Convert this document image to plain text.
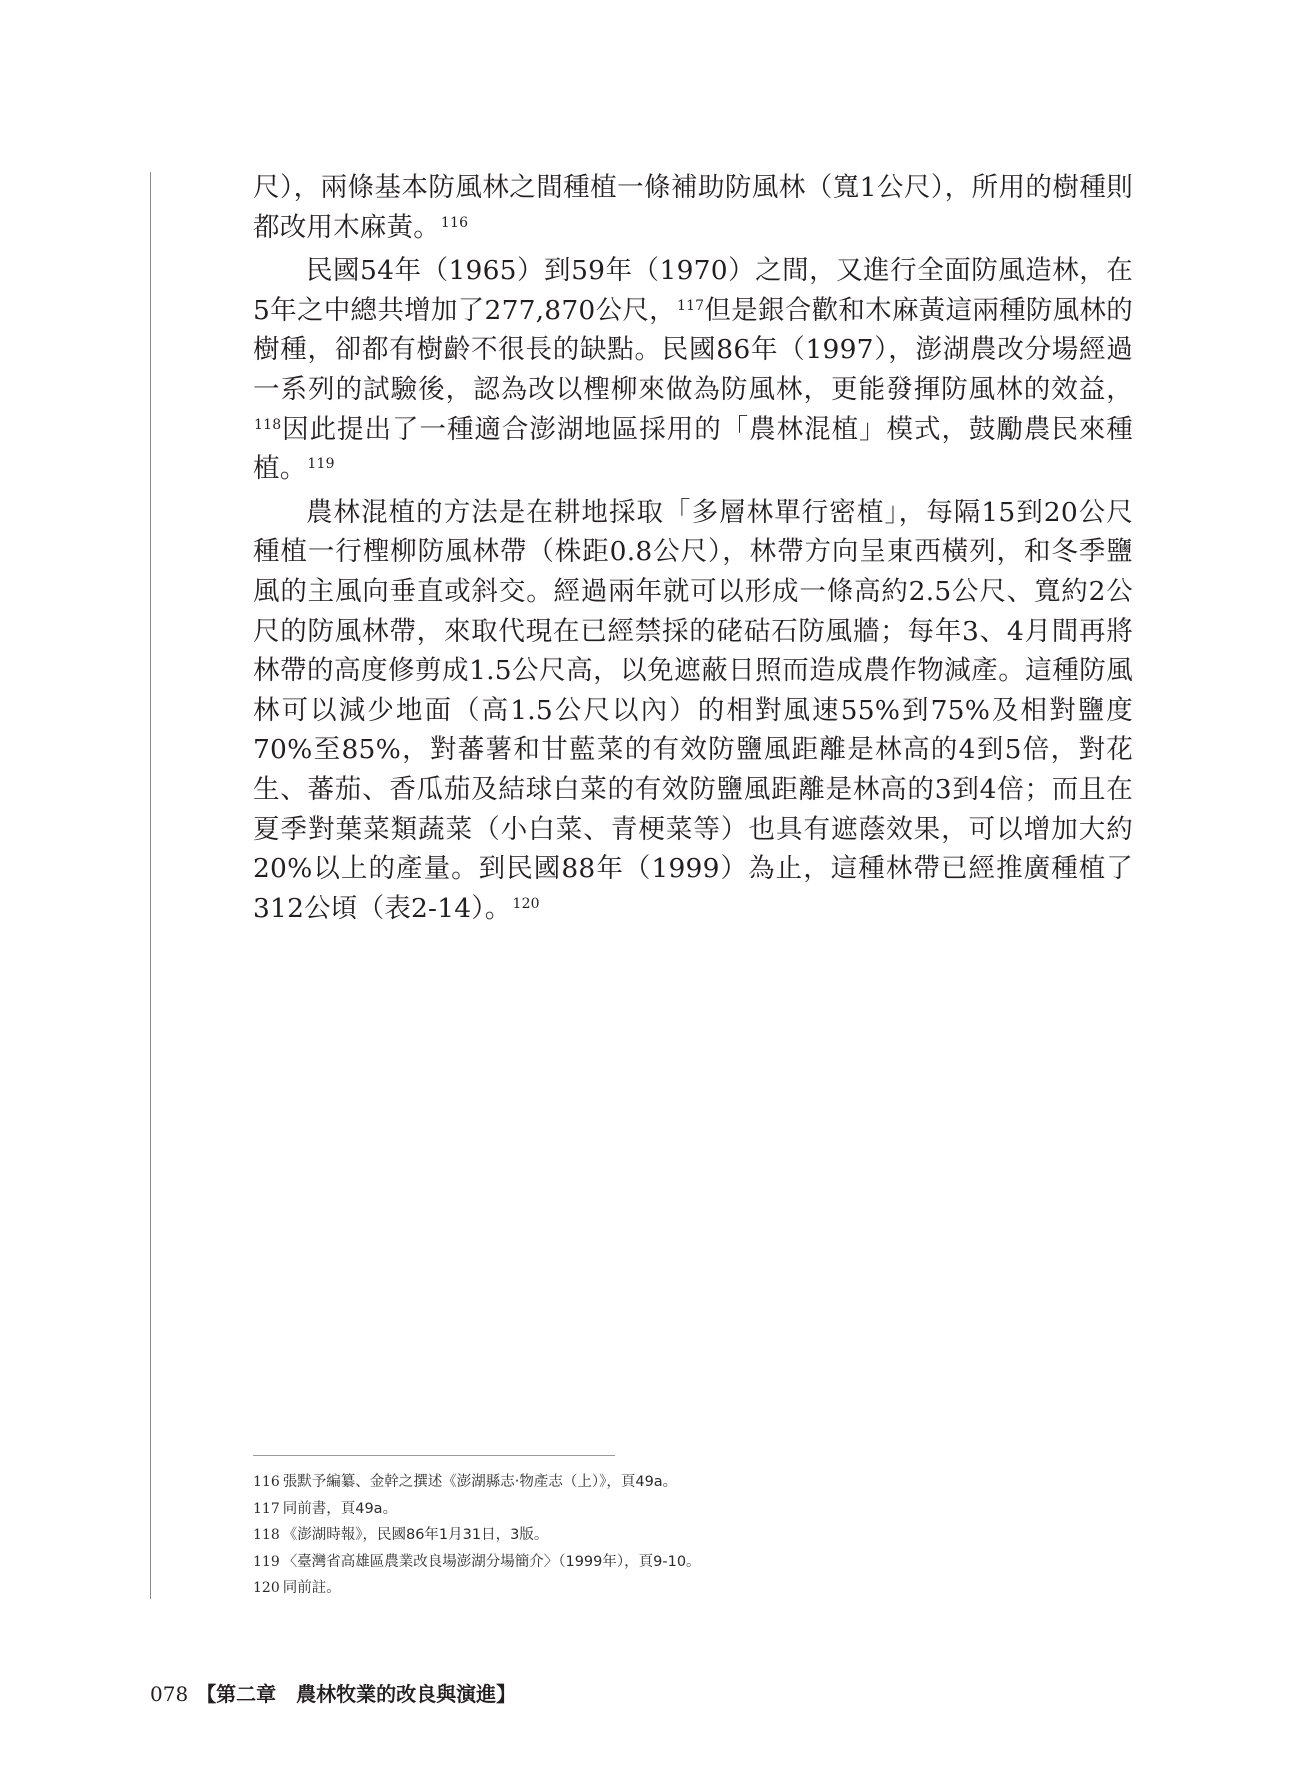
尺），兩條基本防風林之間種植一條補助防風林（寬1公尺），所用的樹種則都改用木麻黃。$^{116}$

民國54年（1965）到59年（1970）之間，又進行全面防風造林，在5年之中總共增加了277,870公尺，$^{117}$但是銀合歡和木麻黃這兩種防風林的樹種，卻都有樹齡不很長的缺點。民國86年（1997），澎湖農改分場經過一系列的試驗後，認為改以檉柳來做為防風林，更能發揮防風林的效益，$^{118}$因此提出了一種適合澎湖地區採用的「農林混植」模式，鼓勵農民來種植。$^{119}$

農林混植的方法是在耕地採取「多層林單行密植」，每隔15到20公尺種植一行檉柳防風林帶（株距0.8公尺），林帶方向呈東西橫列，和冬季鹽風的主風向垂直或斜交。經過兩年就可以形成一條高約2.5公尺、寬約2公尺的防風林帶，來取代現在已經禁採的硓𥑮石防風牆；每年3、4月間再將林帶的高度修剪成1.5公尺高，以免遮蔽日照而造成農作物減產。這種防風林可以減少地面（高1.5公尺以內）的相對風速55%到75%及相對鹽度70%至85%，對蕃薯和甘藍菜的有效防鹽風距離是林高的4到5倍，對花生、蕃茄、香瓜茄及結球白菜的有效防鹽風距離是林高的3到4倍；而且在夏季對葉菜類蔬菜（小白菜、青梗菜等）也具有遮蔭效果，可以增加大約20%以上的產量。到民國88年（1999）為止，這種林帶已經推廣種植了312公頃（表2-14）。$^{120}$

116 張默予編纂、金幹之撰述《澎湖縣志‧物產志（上）》，頁49a。
117 同前書，頁49a。
118 《澎湖時報》，民國86年1月31日，3版。
119 〈臺灣省高雄區農業改良場澎湖分場簡介〉（1999年），頁9-10。
120 同前註。
078 【第二章　農林牧業的改良與演進】
